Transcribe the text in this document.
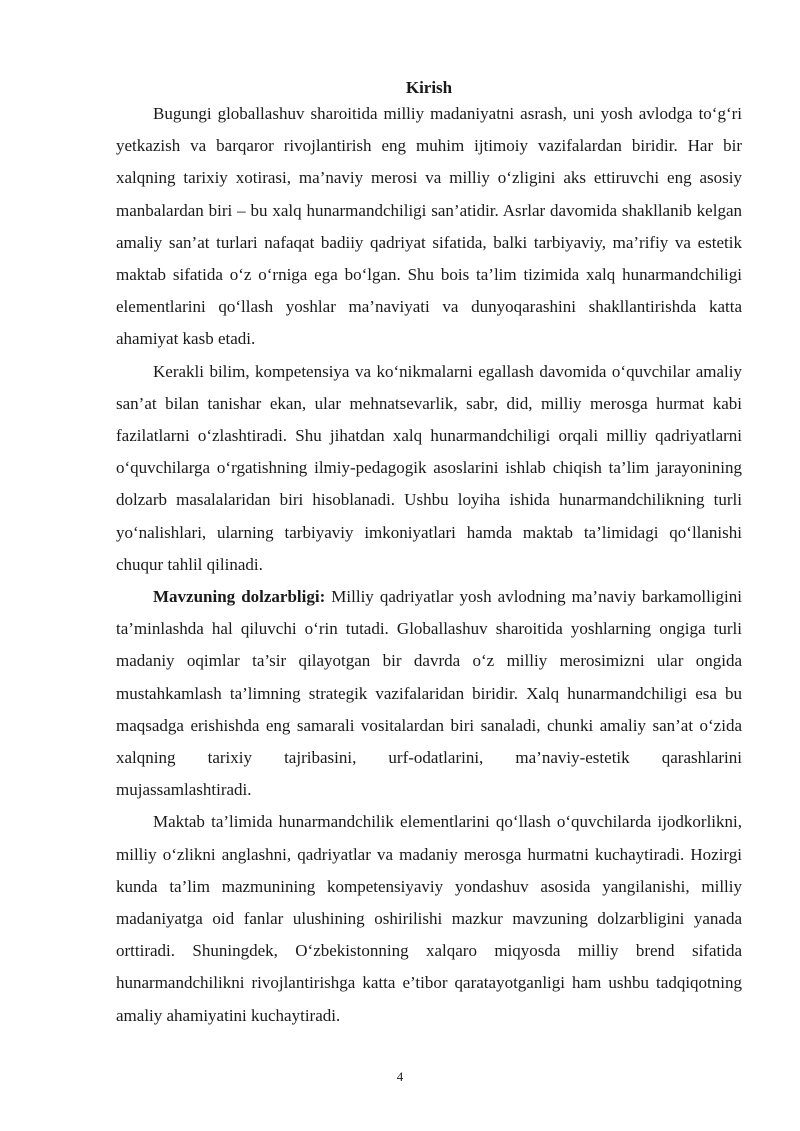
Kirish

Bugungi globallashuv sharoitida milliy madaniyatni asrash, uni yosh avlodga to‘g‘ri yetkazish va barqaror rivojlantirish eng muhim ijtimoiy vazifalardan biridir. Har bir xalqning tarixiy xotirasi, ma’naviy merosi va milliy o‘zligini aks ettiruvchi eng asosiy manbalardan biri – bu xalq hunarmandchiligi san’atidir. Asrlar davomida shakllanib kelgan amaliy san’at turlari nafaqat badiiy qadriyat sifatida, balki tarbiyaviy, ma’rifiy va estetik maktab sifatida o‘z o‘rniga ega bo‘lgan. Shu bois ta’lim tizimida xalq hunarmandchiligi elementlarini qo‘llash yoshlar ma’naviyati va dunyoqarashini shakllantirishda katta ahamiyat kasb etadi.

Kerakli bilim, kompetensiya va ko‘nikmalarni egallash davomida o‘quvchilar amaliy san’at bilan tanishar ekan, ular mehnatsevarlik, sabr, did, milliy merosga hurmat kabi fazilatlarni o‘zlashtiradi. Shu jihatdan xalq hunarmandchiligi orqali milliy qadriyatlarni o‘quvchilarga o‘rgatishning ilmiy-pedagogik asoslarini ishlab chiqish ta’lim jarayonining dolzarb masalalaridan biri hisoblanadi. Ushbu loyiha ishida hunarmandchilikning turli yo‘nalishlari, ularning tarbiyaviy imkoniyatlari hamda maktab ta’limidagi qo‘llanishi chuqur tahlil qilinadi.

Mavzuning dolzarbligi: Milliy qadriyatlar yosh avlodning ma’naviy barkamolligini ta’minlashda hal qiluvchi o‘rin tutadi. Globallashuv sharoitida yoshlarning ongiga turli madaniy oqimlar ta’sir qilayotgan bir davrda o‘z milliy merosimizni ular ongida mustahkamlash ta’limning strategik vazifalaridan biridir. Xalq hunarmandchiligi esa bu maqsadga erishishda eng samarali vositalardan biri sanaladi, chunki amaliy san’at o‘zida xalqning tarixiy tajribasini, urf-odatlarini, ma’naviy-estetik qarashlarini mujassamlashtiradi.

Maktab ta’limida hunarmandchilik elementlarini qo‘llash o‘quvchilarda ijodkorlikni, milliy o‘zlikni anglashni, qadriyatlar va madaniy merosga hurmatni kuchaytiradi. Hozirgi kunda ta’lim mazmunining kompetensiyaviy yondashuv asosida yangilanishi, milliy madaniyatga oid fanlar ulushining oshirilishi mazkur mavzuning dolzarbligini yanada orttiradi. Shuningdek, O‘zbekistonning xalqaro miqyosda milliy brend sifatida hunarmandchilikni rivojlantirishga katta e’tibor qaratayotganligi ham ushbu tadqiqotning amaliy ahamiyatini kuchaytiradi.

4
